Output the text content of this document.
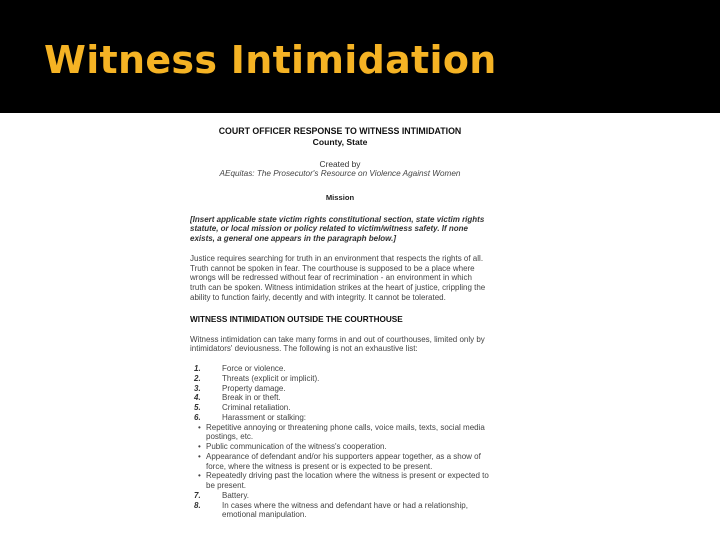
Witness Intimidation
COURT OFFICER RESPONSE TO WITNESS INTIMIDATION
County, State
Created by
AEquitas: The Prosecutor's Resource on Violence Against Women
Mission
[Insert applicable state victim rights constitutional section, state victim rights statute, or local mission or policy related to victim/witness safety. If none exists, a general one appears in the paragraph below.]
Justice requires searching for truth in an environment that respects the rights of all. Truth cannot be spoken in fear. The courthouse is supposed to be a place where wrongs will be redressed without fear of recrimination - an environment in which truth can be spoken. Witness intimidation strikes at the heart of justice, crippling the ability to function fairly, decently and with integrity. It cannot be tolerated.
WITNESS INTIMIDATION OUTSIDE THE COURTHOUSE
Witness intimidation can take many forms in and out of courthouses, limited only by intimidators' deviousness. The following is not an exhaustive list:
1.	Force or violence.
2.	Threats (explicit or implicit).
3.	Property damage.
4.	Break in or theft.
5.	Criminal retaliation.
6.	Harassment or stalking:
• Repetitive annoying or threatening phone calls, voice mails, texts, social media postings, etc.
• Public communication of the witness's cooperation.
• Appearance of defendant and/or his supporters appear together, as a show of force, where the witness is present or is expected to be present.
• Repeatedly driving past the location where the witness is present or expected to be present.
7.	Battery.
8.	In cases where the witness and defendant have or had a relationship, emotional manipulation.
